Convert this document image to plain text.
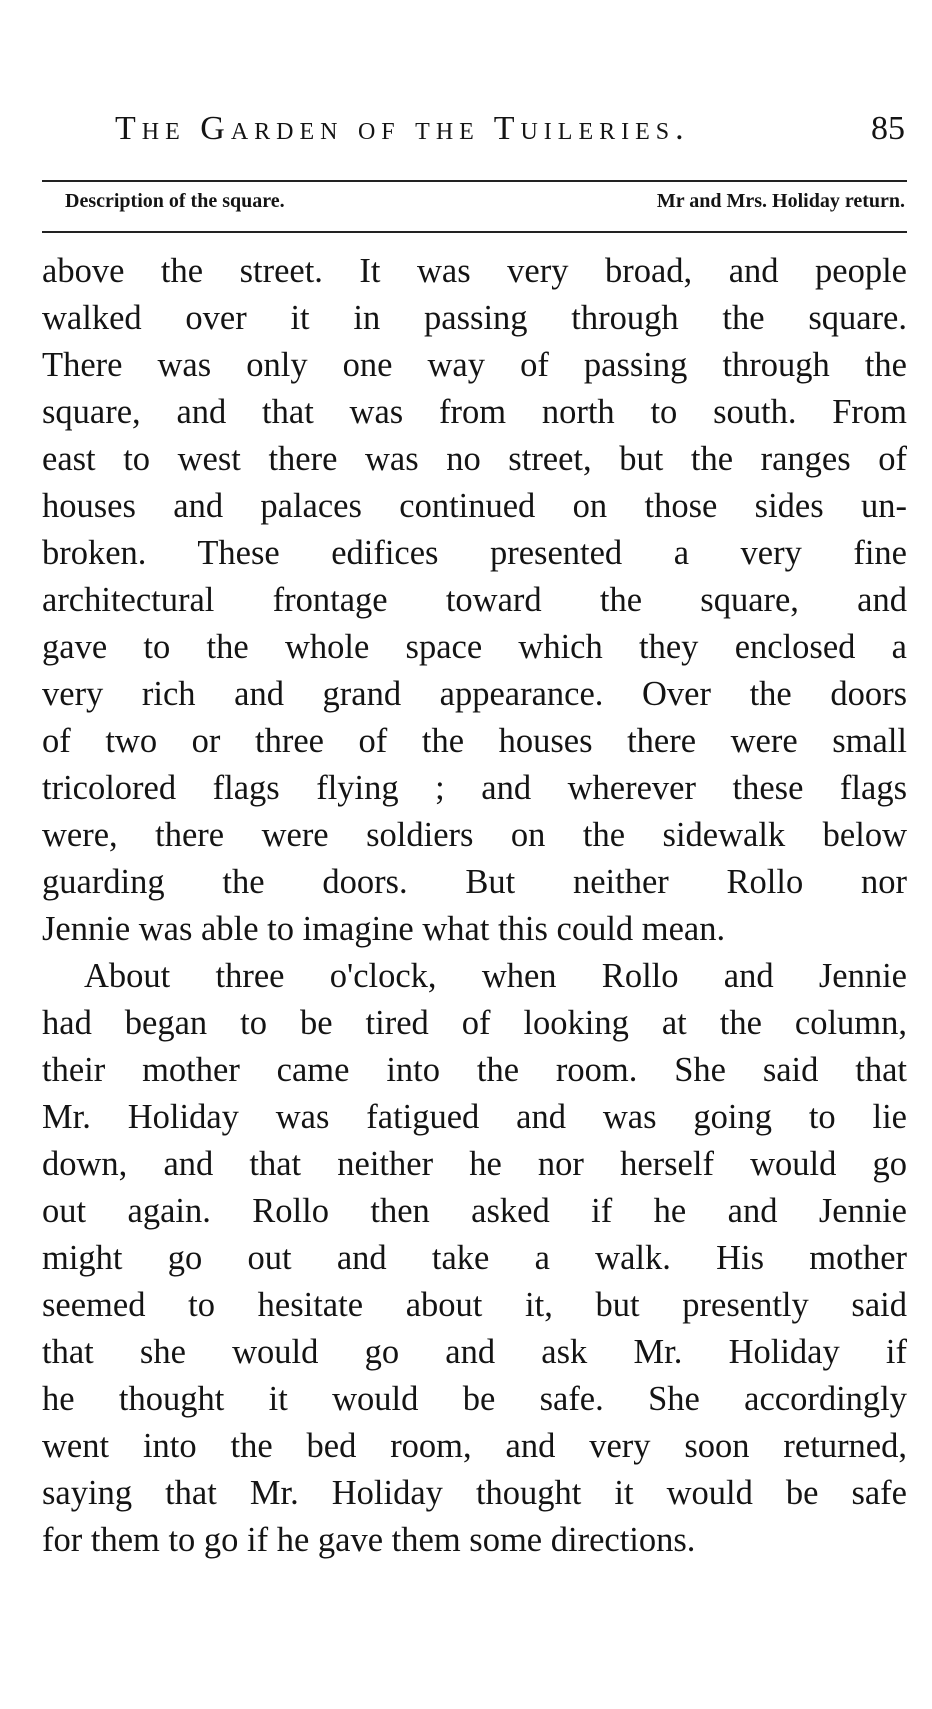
The Garden of the Tuileries.	85
Description of the square.	Mr and Mrs. Holiday return.
above the street. It was very broad, and people
walked over it in passing through the square.
There was only one way of passing through the
square, and that was from north to south. From
east to west there was no street, but the ranges of
houses and palaces continued on those sides un-
broken. These edifices presented a very fine
architectural frontage toward the square, and
gave to the whole space which they enclosed a
very rich and grand appearance. Over the doors
of two or three of the houses there were small
tricolored flags flying ; and wherever these flags
were, there were soldiers on the sidewalk below
guarding the doors. But neither Rollo nor
Jennie was able to imagine what this could mean.
About three o'clock, when Rollo and Jennie
had began to be tired of looking at the column,
their mother came into the room. She said that
Mr. Holiday was fatigued and was going to lie
down, and that neither he nor herself would go
out again. Rollo then asked if he and Jennie
might go out and take a walk. His mother
seemed to hesitate about it, but presently said
that she would go and ask Mr. Holiday if
he thought it would be safe. She accordingly
went into the bed room, and very soon returned,
saying that Mr. Holiday thought it would be safe
for them to go if he gave them some directions.
